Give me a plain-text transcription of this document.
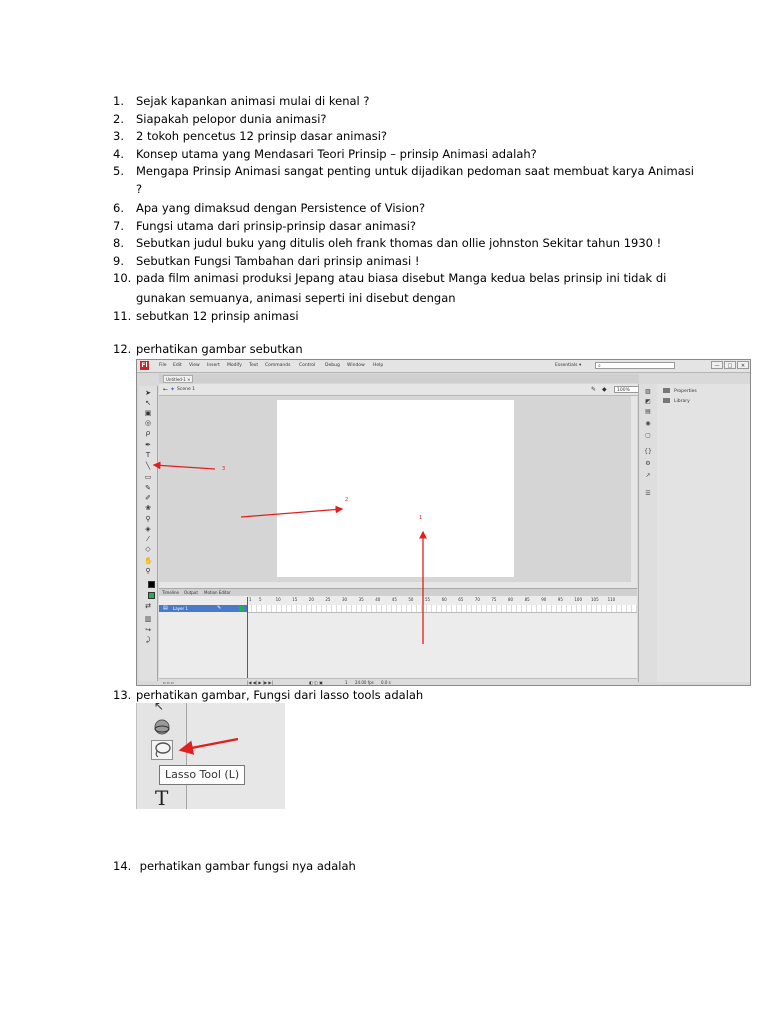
1. Sejak kapankan animasi mulai di kenal ?
2. Siapakah pelopor dunia animasi?
3. 2 tokoh pencetus 12 prinsip dasar animasi?
4. Konsep utama yang Mendasari Teori Prinsip – prinsip Animasi adalah?
5. Mengapa Prinsip Animasi sangat penting untuk dijadikan pedoman saat membuat karya Animasi
?
6. Apa yang dimaksud dengan Persistence of Vision?
7. Fungsi utama dari prinsip-prinsip dasar animasi?
8. Sebutkan judul buku yang ditulis oleh frank thomas dan ollie johnston Sekitar tahun 1930 !
9. Sebutkan Fungsi Tambahan dari prinsip animasi !
10. pada film animasi produksi Jepang atau biasa disebut Manga kedua belas prinsip ini tidak di
gunakan semuanya, animasi seperti ini disebut dengan
11. sebutkan 12 prinsip animasi
12. perhatikan gambar sebutkan
13. perhatikan gambar, Fungsi dari lasso tools adalah
14. perhatikan gambar fungsi nya adalah
Fl	File Edit View Insert Modify Text Commands Control Debug Window Help	Essentials ▾	⌕	—	□	✕
Untitled-1 ×
← ✦ Scene 1	✎ ◆	100%
➤
↖
▣
◎
ρ
✒
T
╲
▭
✎
✐
❀
⚲
◈
⁄
◇
✋
⚲
⇄
▥
↪
⤸
Timeline Output Motion Editor
1 5	10	15	20	25	30	35	40	45	50	55	60	65	70	75	80	85	90	95	100 105 110
▤ Layer 1	✎
▫ ▫ ▫	|◀ ◀| ▶ |▶ ▶|	◧ ◫ ▣	1 24.00 fps 0.0 s
▨
◩
▤
◉
▢
{}
⚙
↗
☰
Properties
Library
1
2
3
↖
T
Lasso Tool (L)
